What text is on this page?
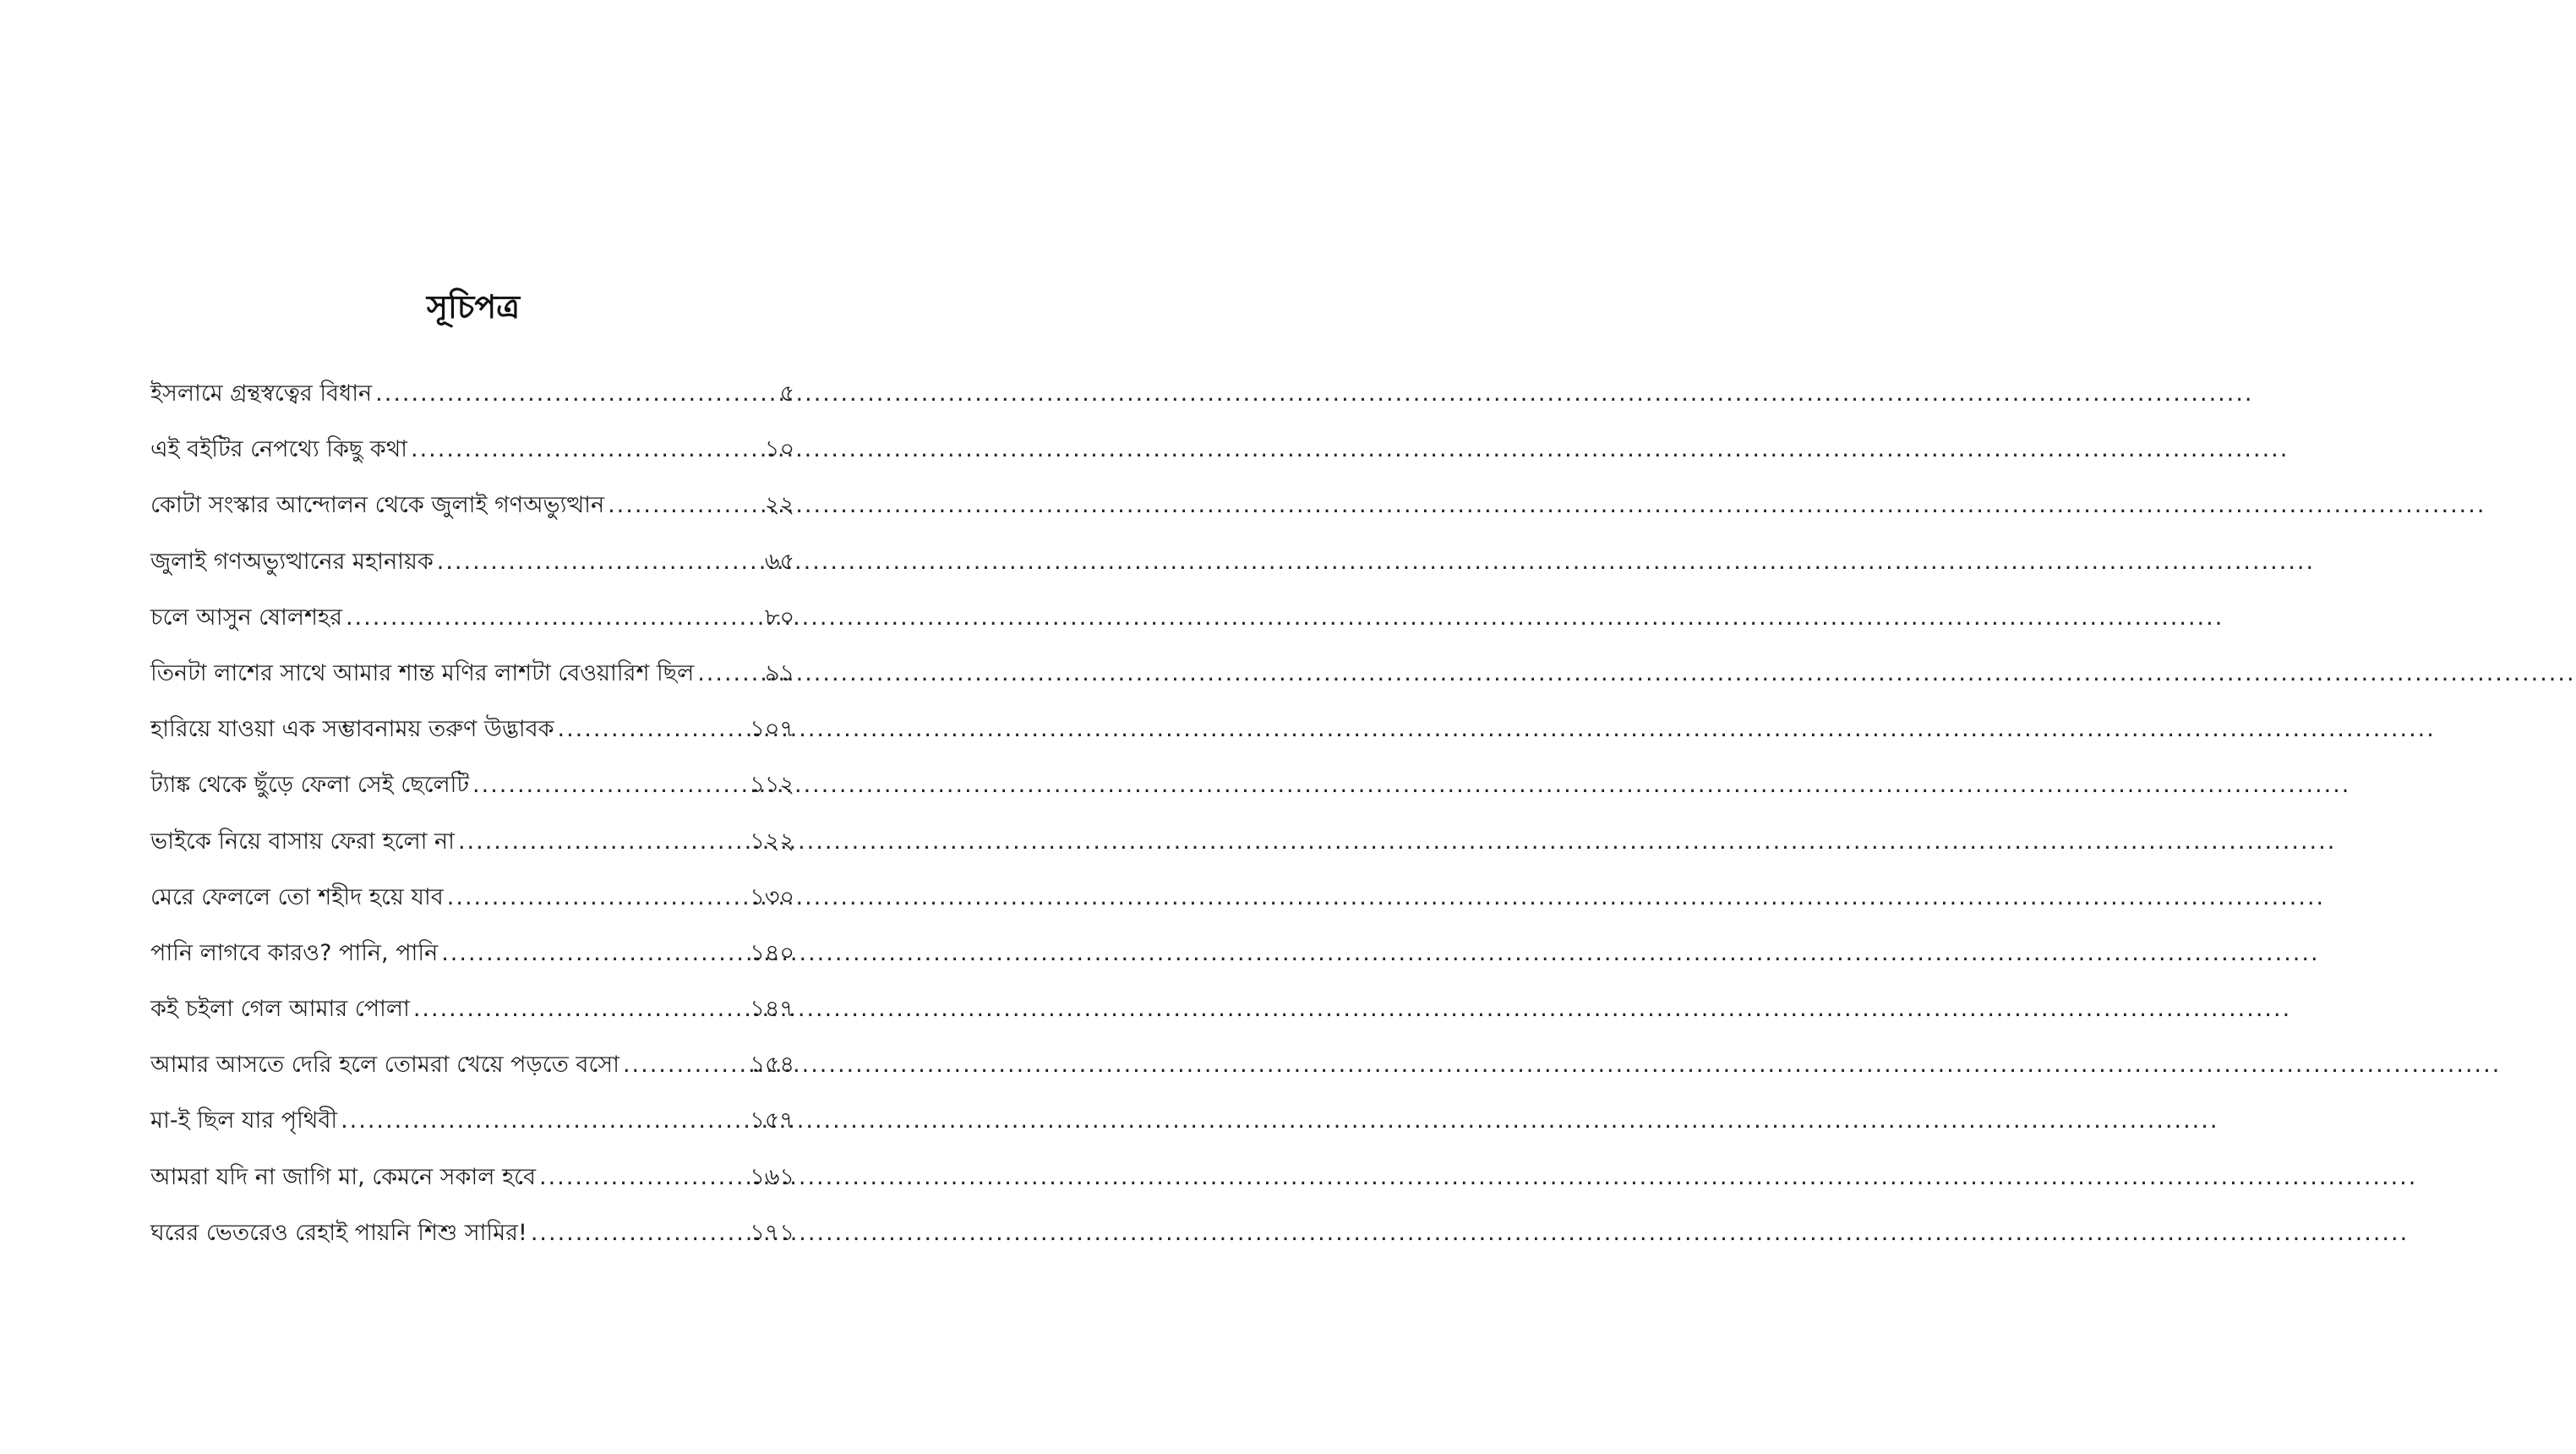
সূচিপত্র
ইসলামে গ্রন্থস্বত্বের বিধান .....	৫
এই বইটির নেপথ্যে কিছু কথা .....	১০
কোটা সংস্কার আন্দোলন থেকে জুলাই গণঅভ্যুত্থান .....	২২
জুলাই গণঅভ্যুত্থানের মহানায়ক .....	৬৫
চলে আসুন ষোলশহর .....	৮০
তিনটা লাশের সাথে আমার শান্ত মণির লাশটা বেওয়ারিশ ছিল .....	৯১
হারিয়ে যাওয়া এক সম্ভাবনাময় তরুণ উদ্ভাবক .....	১০৭
ট্যাঙ্ক থেকে ছুঁড়ে ফেলা সেই ছেলেটি .....	১১২
ভাইকে নিয়ে বাসায় ফেরা হলো না .....	১২২
মেরে ফেললে তো শহীদ হয়ে যাব .....	১৩০
পানি লাগবে কারও? পানি, পানি .....	১৪০
কই চইলা গেল আমার পোলা .....	১৪৭
আমার আসতে দেরি হলে তোমরা খেয়ে পড়তে বসো .....	১৫৪
মা-ই ছিল যার পৃথিবী .....	১৫৭
আমরা যদি না জাগি মা, কেমনে সকাল হবে .....	১৬১
ঘরের ভেতরেও রেহাই পায়নি শিশু সামির! .....	১৭১
